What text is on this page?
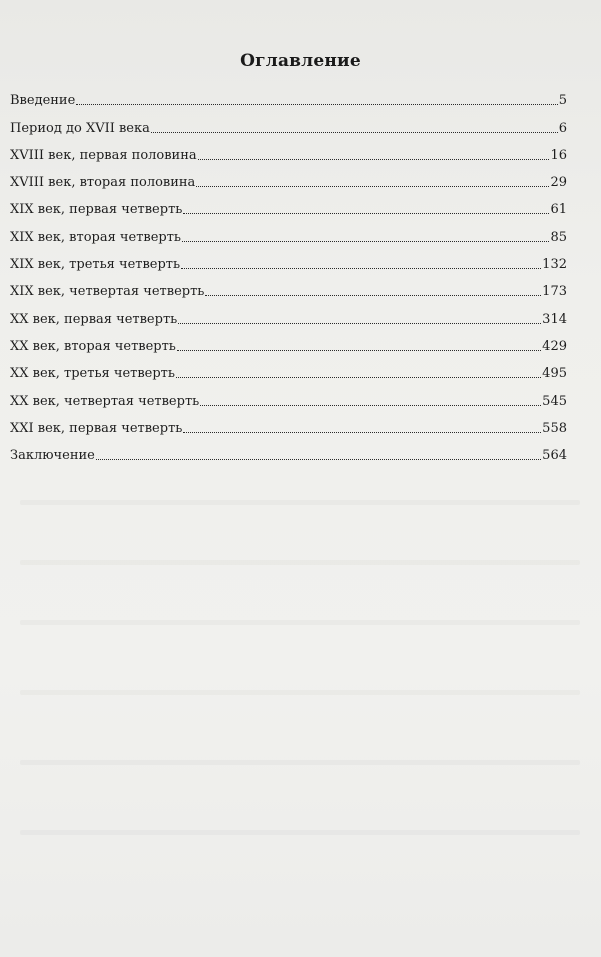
Оглавление
Введение	5
Период до XVII века	6
XVIII век, первая половина	16
XVIII век, вторая половина	29
XIX век, первая четверть	61
XIX век, вторая четверть	85
XIX век, третья четверть	132
XIX век, четвертая четверть	173
XX век, первая четверть	314
XX век, вторая четверть	429
XX век, третья четверть	495
XX век, четвертая четверть	545
XXI век, первая четверть	558
Заключение	564
